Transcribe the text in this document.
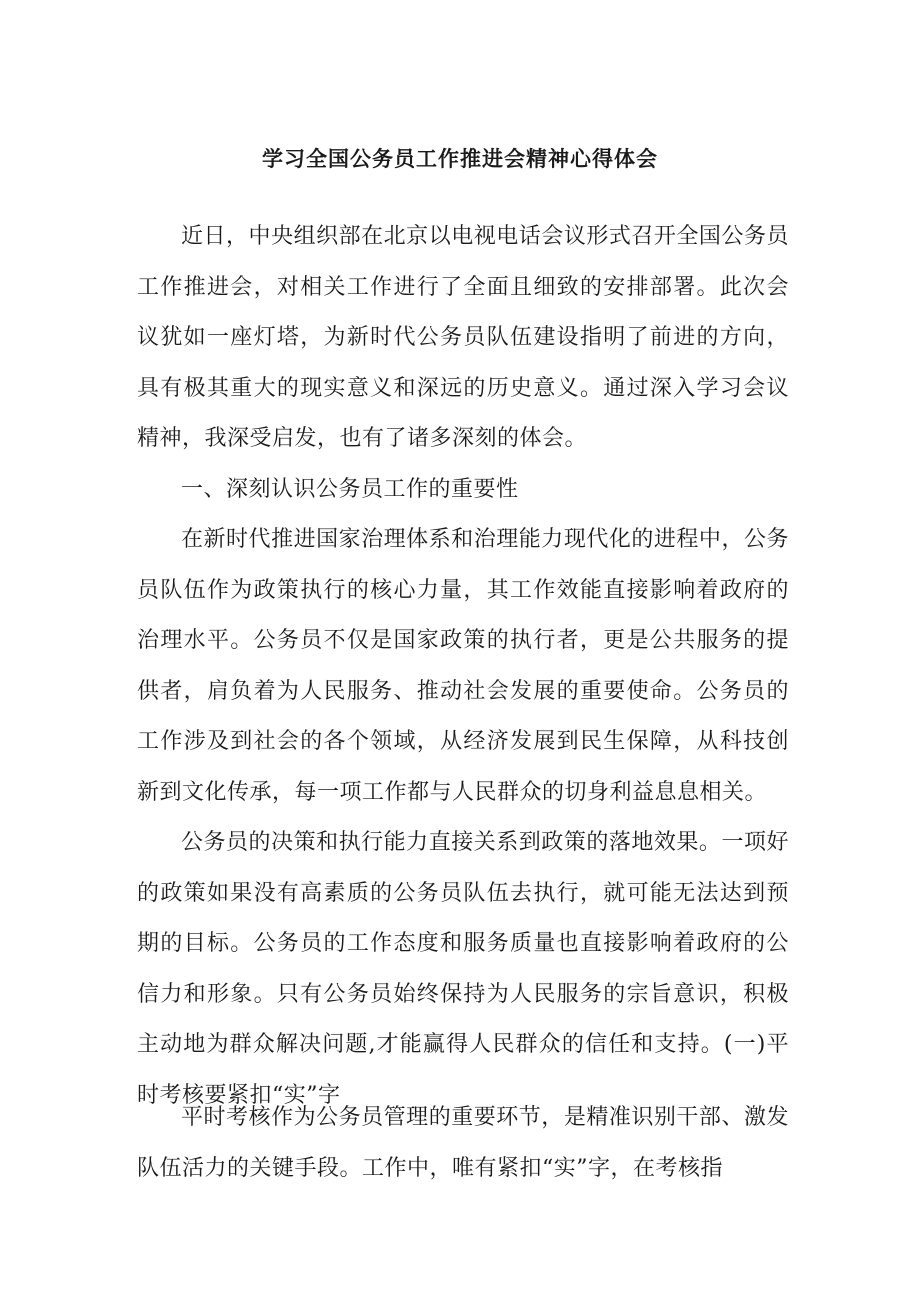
学习全国公务员工作推进会精神心得体会

近日，中央组织部在北京以电视电话会议形式召开全国公务员工作推进会，对相关工作进行了全面且细致的安排部署。此次会议犹如一座灯塔，为新时代公务员队伍建设指明了前进的方向，具有极其重大的现实意义和深远的历史意义。通过深入学习会议精神，我深受启发，也有了诸多深刻的体会。

一、深刻认识公务员工作的重要性

在新时代推进国家治理体系和治理能力现代化的进程中，公务员队伍作为政策执行的核心力量，其工作效能直接影响着政府的治理水平。公务员不仅是国家政策的执行者，更是公共服务的提供者，肩负着为人民服务、推动社会发展的重要使命。公务员的工作涉及到社会的各个领域，从经济发展到民生保障，从科技创新到文化传承，每一项工作都与人民群众的切身利益息息相关。

公务员的决策和执行能力直接关系到政策的落地效果。一项好的政策如果没有高素质的公务员队伍去执行，就可能无法达到预期的目标。公务员的工作态度和服务质量也直接影响着政府的公信力和形象。只有公务员始终保持为人民服务的宗旨意识，积极主动地为群众解决问题,才能赢得人民群众的信任和支持。(一)平时考核要紧扣“实”字

平时考核作为公务员管理的重要环节，是精准识别干部、激发队伍活力的关键手段。工作中，唯有紧扣“实”字，在考核指
